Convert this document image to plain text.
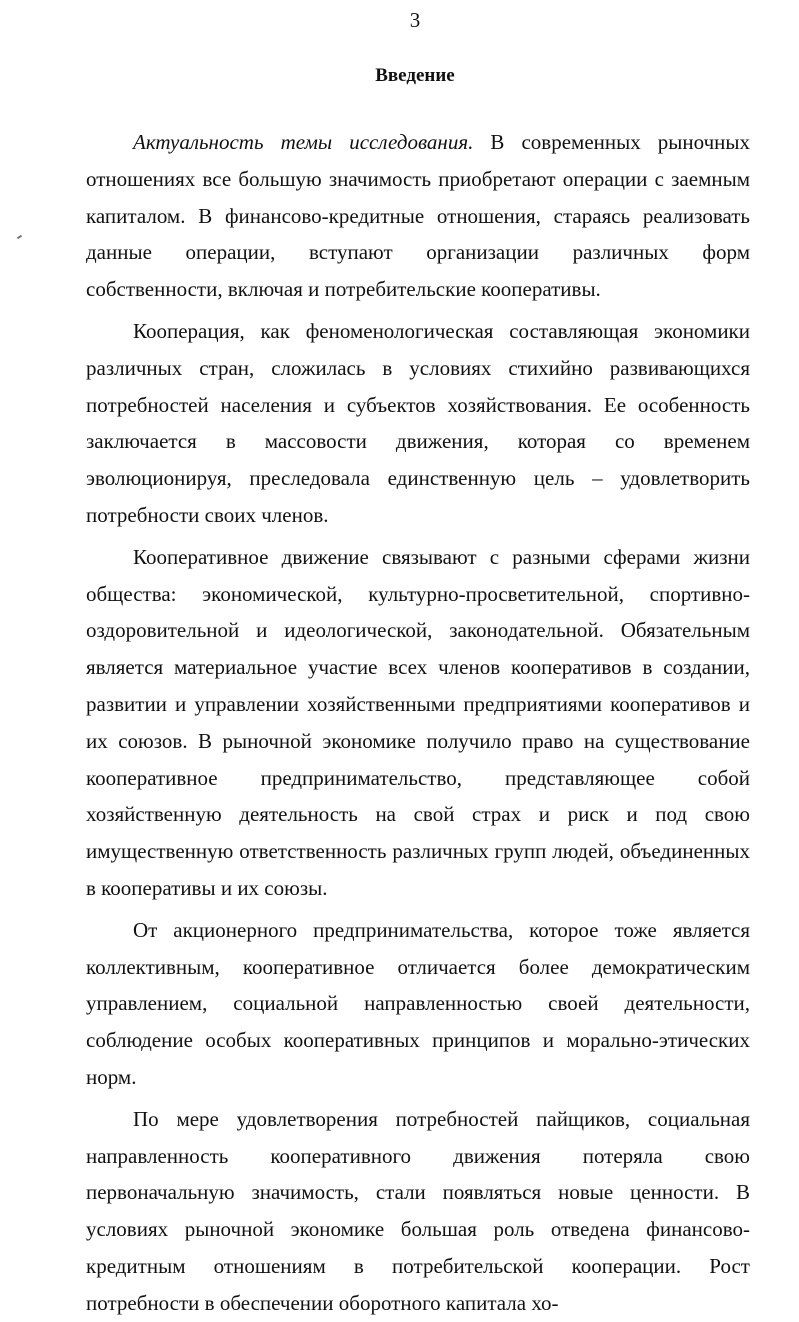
3
Введение

Актуальность темы исследования. В современных рыночных отношениях все большую значимость приобретают операции с заемным капиталом. В финансово-кредитные отношения, стараясь реализовать данные операции, вступают организации различных форм собственности, включая и потребительские кооперативы.

Кооперация, как феноменологическая составляющая экономики различных стран, сложилась в условиях стихийно развивающихся потребностей населения и субъектов хозяйствования. Ее особенность заключается в массовости движения, которая со временем эволюционируя, преследовала единственную цель – удовлетворить потребности своих членов.

Кооперативное движение связывают с разными сферами жизни общества: экономической, культурно-просветительной, спортивно-оздоровительной и идеологической, законодательной. Обязательным является материальное участие всех членов кооперативов в создании, развитии и управлении хозяйственными предприятиями кооперативов и их союзов. В рыночной экономике получило право на существование кооперативное предпринимательство, представляющее собой хозяйственную деятельность на свой страх и риск и под свою имущественную ответственность различных групп людей, объединенных в кооперативы и их союзы.

От акционерного предпринимательства, которое тоже является коллективным, кооперативное отличается более демократическим управлением, социальной направленностью своей деятельности, соблюдение особых кооперативных принципов и морально-этических норм.

По мере удовлетворения потребностей пайщиков, социальная направленность кооперативного движения потеряла свою первоначальную значимость, стали появляться новые ценности. В условиях рыночной экономике большая роль отведена финансово-кредитным отношениям в потребительской кооперации. Рост потребности в обеспечении оборотного капитала хо-
